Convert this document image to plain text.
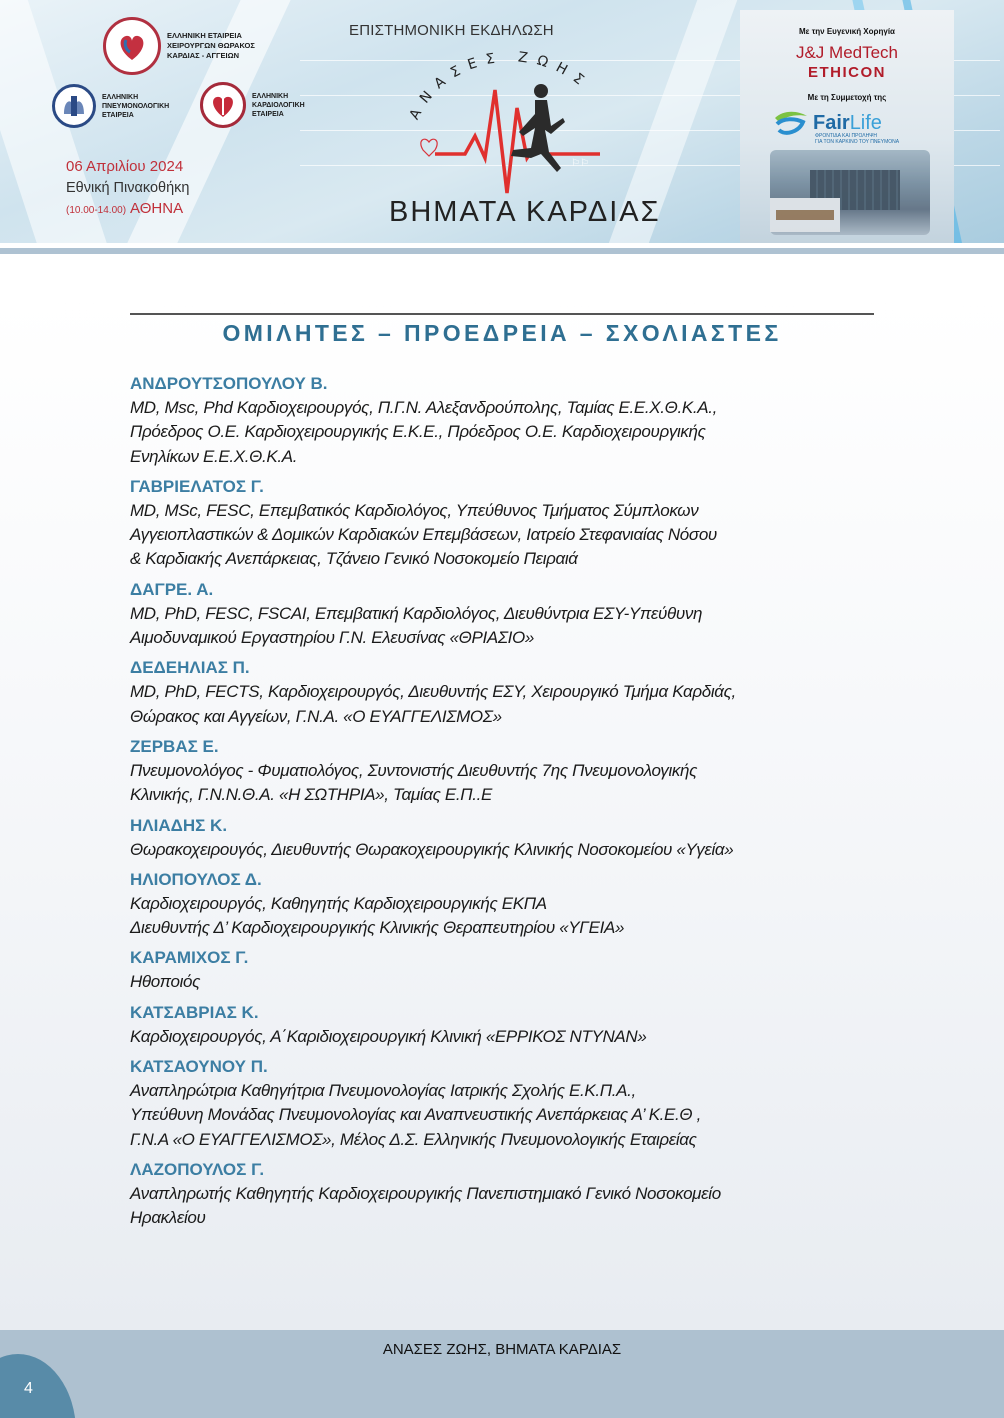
ΕΛΛΗΝΙΚΗ ΕΤΑΙΡΕΙΑ
ΧΕΙΡΟΥΡΓΩΝ ΘΩΡΑΚΟΣ
ΚΑΡΔΙΑΣ - ΑΓΓΕΙΩΝ
ΕΛΛΗΝΙΚΗ
ΠΝΕΥΜΟΝΟΛΟΓΙΚΗ
ΕΤΑΙΡΕΙΑ
ΕΛΛΗΝΙΚΗ
ΚΑΡΔΙΟΛΟΓΙΚΗ
ΕΤΑΙΡΕΙΑ
06 Απριλίου 2024
Εθνική Πινακοθήκη
(10.00-14.00) ΑΘΗΝΑ
ΕΠΙΣΤΗΜΟΝΙΚΗ ΕΚΔΗΛΩΣΗ
ΑΝΑΣΕΣ ΖΩΗΣ
⚐⚐
ΒΗΜΑΤΑ ΚΑΡΔΙΑΣ
Με την Ευγενική Χορηγία
J&J MedTech
ETHICON
Με τη Συμμετοχή της
FairLife
ΦΡΟΝΤΙΔΑ ΚΑΙ ΠΡΟΛΗΨΗ
ΓΙΑ ΤΟΝ ΚΑΡΚΙΝΟ ΤΟΥ ΠΝΕΥΜΟΝΑ
ΟΜΙΛΗΤΕΣ – ΠΡΟΕΔΡΕΙΑ – ΣΧΟΛΙΑΣΤΕΣ
ΑΝΔΡΟΥΤΣΟΠΟΥΛΟΥ Β.
MD, Msc, Phd Καρδιοχειρουργός, Π.Γ.Ν. Αλεξανδρούπολης, Ταμίας Ε.Ε.Χ.Θ.Κ.Α.,
Πρόεδρος Ο.Ε. Καρδιοχειρουργικής Ε.Κ.Ε., Πρόεδρος Ο.Ε. Καρδιοχειρουργικής
Ενηλίκων Ε.Ε.Χ.Θ.Κ.Α.
ΓΑΒΡΙΕΛΑΤΟΣ Γ.
MD, MSc, FESC, Επεμβατικός Καρδιολόγος, Υπεύθυνος Τμήματος Σύμπλοκων
Αγγειοπλαστικών & Δομικών Καρδιακών Επεμβάσεων, Ιατρείο Στεφανιαίας Νόσου
& Καρδιακής Ανεπάρκειας, Τζάνειο Γενικό Νοσοκομείο Πειραιά
ΔΑΓΡΕ. Α.
MD, PhD, FESC, FSCAI, Επεμβατική Καρδιολόγος, Διευθύντρια ΕΣΥ-Υπεύθυνη
Αιμοδυναμικού Εργαστηρίου Γ.Ν. Ελευσίνας «ΘΡΙΑΣΙΟ»
ΔΕΔΕΗΛΙΑΣ Π.
MD, PhD, FECTS, Καρδιοχειρουργός, Διευθυντής ΕΣΥ, Χειρουργικό Τμήμα Καρδιάς,
Θώρακος και Αγγείων, Γ.Ν.Α. «Ο ΕΥΑΓΓΕΛΙΣΜΟΣ»
ΖΕΡΒΑΣ Ε.
Πνευμονολόγος - Φυματιολόγος, Συντονιστής Διευθυντής 7ης Πνευμονολογικής
Κλινικής, Γ.Ν.Ν.Θ.Α. «Η ΣΩΤΗΡΙΑ», Ταμίας Ε.Π..Ε
ΗΛΙΑΔΗΣ Κ.
Θωρακοχειρουγός, Διευθυντής Θωρακοχειρουργικής Κλινικής Νοσοκομείου «Υγεία»
ΗΛΙΟΠΟΥΛΟΣ Δ.
Καρδιοχειρουργός, Καθηγητής Καρδιοχειρουργικής ΕΚΠΑ
Διευθυντής Δ’ Καρδιοχειρουργικής Κλινικής Θεραπευτηρίου «ΥΓΕΙΑ»
ΚΑΡΑΜΙΧΟΣ Γ.
Ηθοποιός
ΚΑΤΣΑΒΡΙΑΣ Κ.
Καρδιοχειρουργός, Α΄Καριδιοχειρουργική Κλινική «ΕΡΡΙΚΟΣ ΝΤΥΝΑΝ»
ΚΑΤΣΑΟΥΝΟΥ Π.
Αναπληρώτρια Καθηγήτρια Πνευμονολογίας Ιατρικής Σχολής Ε.Κ.Π.Α.,
Υπεύθυνη Μονάδας Πνευμονολογίας και Αναπνευστικής Ανεπάρκειας Α’ Κ.Ε.Θ ,
Γ.Ν.Α «Ο ΕΥΑΓΓΕΛΙΣΜΟΣ», Μέλος Δ.Σ. Ελληνικής Πνευμονολογικής Εταιρείας
ΛΑΖΟΠΟΥΛΟΣ Γ.
Αναπληρωτής Καθηγητής Καρδιοχειρουργικής Πανεπιστημιακό Γενικό Νοσοκομείο
Ηρακλείου
ΑΝΑΣΕΣ ΖΩΗΣ, ΒΗΜΑΤΑ ΚΑΡΔΙΑΣ
4
